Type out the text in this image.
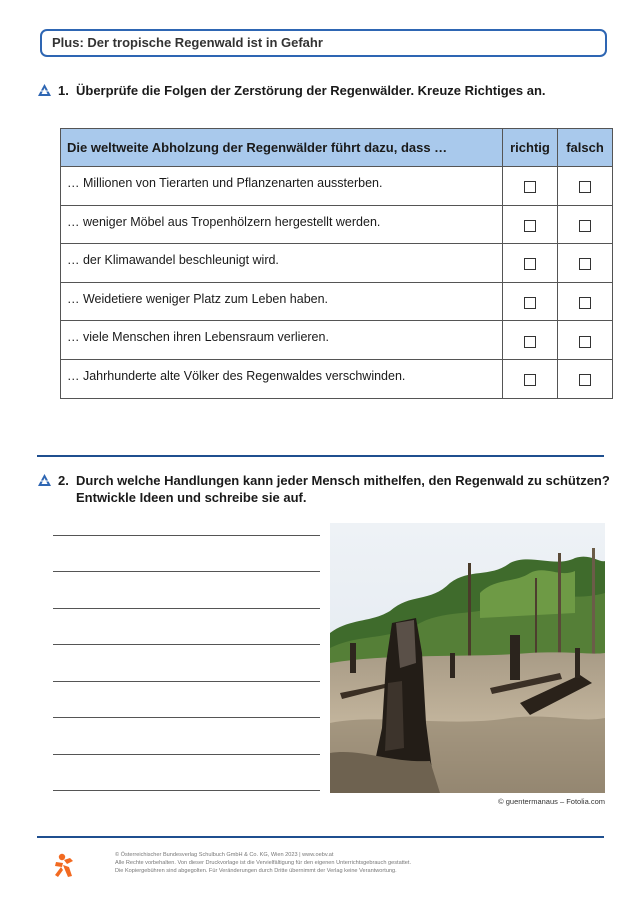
Plus: Der tropische Regenwald ist in Gefahr
1. Überprüfe die Folgen der Zerstörung der Regenwälder. Kreuze Richtiges an.
Die weltweite Abholzung der Regenwälder führt dazu, dass …	richtig	falsch
… Millionen von Tierarten und Pflanzenarten aussterben.		
… weniger Möbel aus Tropenhölzern hergestellt werden.		
… der Klimawandel beschleunigt wird.		
… Weidetiere weniger Platz zum Leben haben.		
… viele Menschen ihren Lebensraum verlieren.		
… Jahrhunderte alte Völker des Regenwaldes verschwinden.		
2. Durch welche Handlungen kann jeder Mensch mithelfen, den Regenwald zu schützen?
Entwickle Ideen und schreibe sie auf.
© guentermanaus – Fotolia.com
© Österreichischer Bundesverlag Schulbuch GmbH & Co. KG, Wien 2023 | www.oebv.at
Alle Rechte vorbehalten. Von dieser Druckvorlage ist die Vervielfältigung für den eigenen Unterrichtsgebrauch gestattet.
Die Kopiergebühren sind abgegolten. Für Veränderungen durch Dritte übernimmt der Verlag keine Verantwortung.
